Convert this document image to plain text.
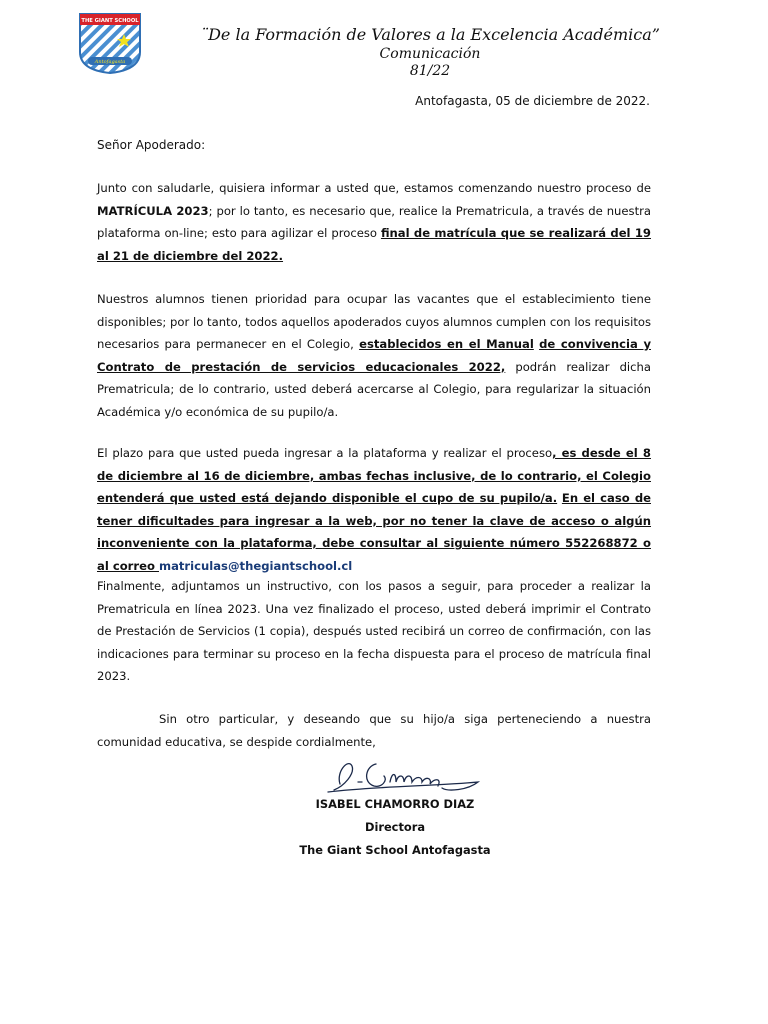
THE GIANT SCHOOL
Antofagasta
¨De la Formación de Valores a la Excelencia Académica”
Comunicación
81/22
Antofagasta, 05 de diciembre de 2022.
Señor Apoderado:
Junto con saludarle, quisiera informar a usted que, estamos comenzando nuestro proceso de MATRÍCULA 2023; por lo tanto, es necesario que, realice la Prematricula, a través de nuestra plataforma on-line; esto para agilizar el proceso final de matrícula que se realizará del 19 al 21 de diciembre del 2022.
Nuestros alumnos tienen prioridad para ocupar las vacantes que el establecimiento tiene disponibles; por lo tanto, todos aquellos apoderados cuyos alumnos cumplen con los requisitos necesarios para permanecer en el Colegio, establecidos en el Manual de convivencia y Contrato de prestación de servicios educacionales 2022, podrán realizar dicha Prematricula; de lo contrario, usted deberá acercarse al Colegio, para regularizar la situación Académica y/o económica de su pupilo/a.
El plazo para que usted pueda ingresar a la plataforma y realizar el proceso, es desde el 8 de diciembre al 16 de diciembre, ambas fechas inclusive, de lo contrario, el Colegio entenderá que usted está dejando disponible el cupo de su pupilo/a. En el caso de tener dificultades para ingresar a la web, por no tener la clave de acceso o algún inconveniente con la plataforma, debe consultar al siguiente número 552268872 o al correo matriculas@thegiantschool.cl
Finalmente, adjuntamos un instructivo, con los pasos a seguir, para proceder a realizar la Prematricula en línea 2023. Una vez finalizado el proceso, usted deberá imprimir el Contrato de Prestación de Servicios (1 copia), después usted recibirá un correo de confirmación, con las indicaciones para terminar su proceso en la fecha dispuesta para el proceso de matrícula final 2023.
Sin otro particular, y deseando que su hijo/a siga perteneciendo a nuestra comunidad educativa, se despide cordialmente,
ISABEL CHAMORRO DIAZ
Directora
The Giant School Antofagasta
